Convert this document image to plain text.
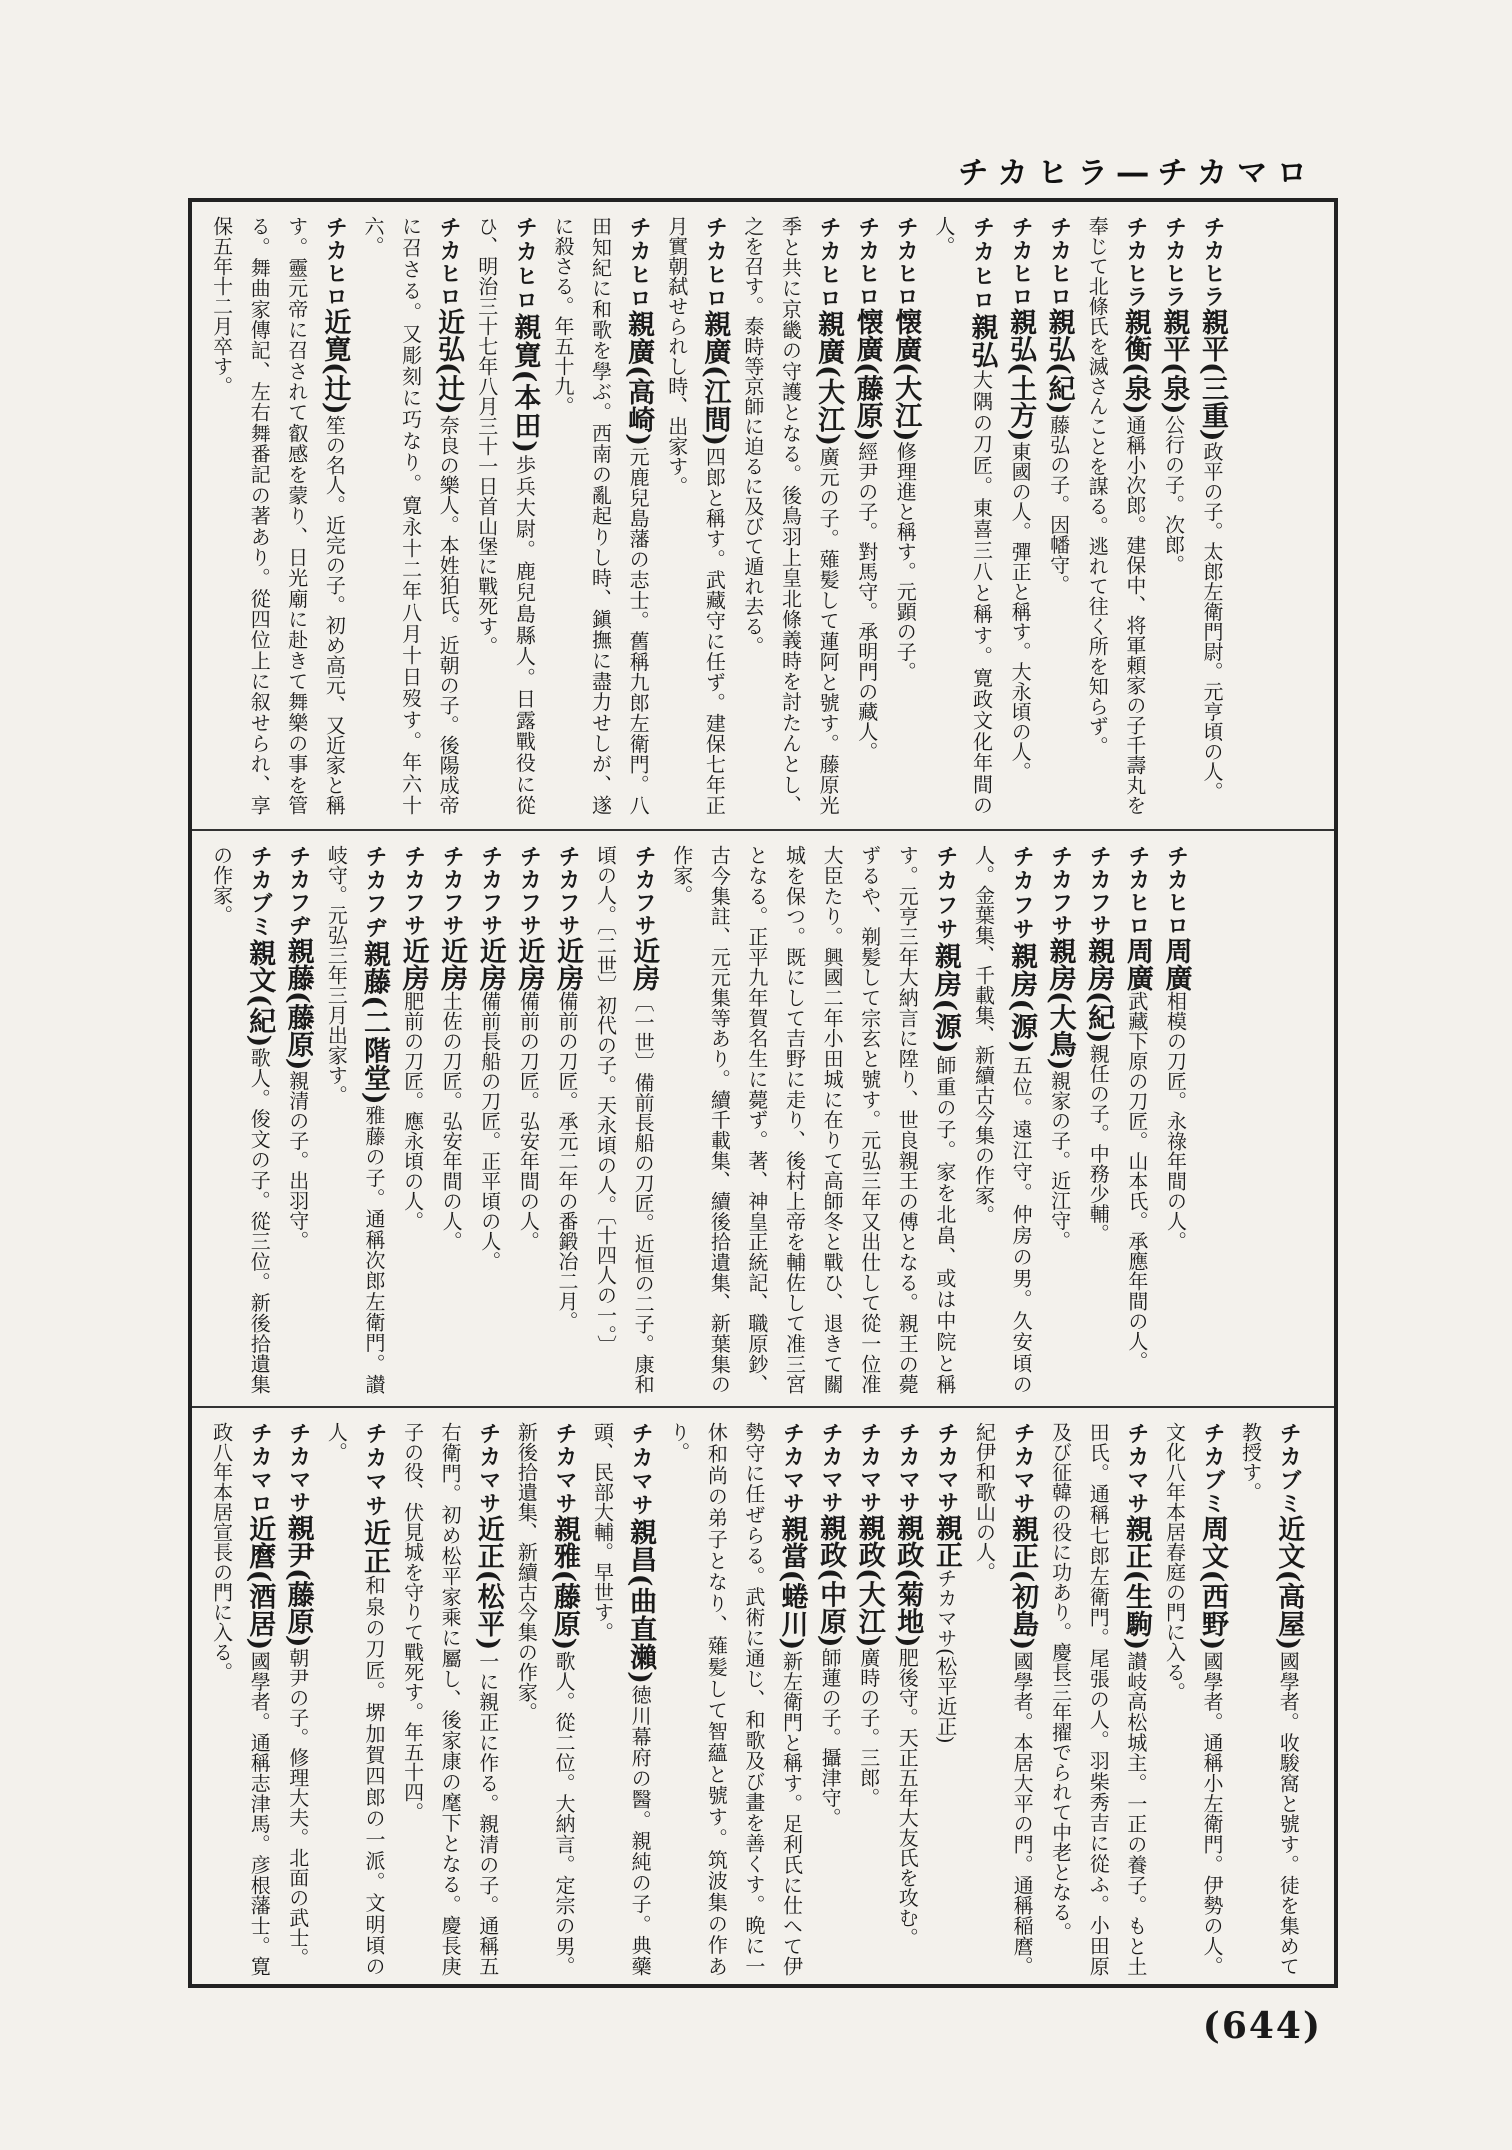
チカヒラ―チカマロ

チカヒラ親平(三重)政平の子。太郎左衛門尉。元亨頃の人。

チカヒラ親平(泉)公行の子。次郎。

チカヒラ親衡(泉)通稱小次郎。建保中、将軍頼家の子千壽丸を奉じて北條氏を滅さんことを謀る。逃れて往く所を知らず。

チカヒロ親弘(紀)藤弘の子。因幡守。

チカヒロ親弘(土方)東國の人。彈正と稱す。大永頃の人。

チカヒロ親弘大隅の刀匠。東喜三八と稱す。寛政文化年間の人。

チカヒロ懐廣(大江)修理進と稱す。元顕の子。

チカヒロ懐廣(藤原)經尹の子。對馬守。承明門の藏人。

チカヒロ親廣(大江)廣元の子。薙髪して蓮阿と號す。藤原光季と共に京畿の守護となる。後鳥羽上皇北條義時を討たんとし、之を召す。泰時等京師に迫るに及びて遁れ去る。

チカヒロ親廣(江間)四郎と稱す。武藏守に任ず。建保七年正月實朝弑せられし時、出家す。

チカヒロ親廣(高崎)元鹿兒島藩の志士。舊稱九郎左衛門。八田知紀に和歌を學ぶ。西南の亂起りし時、鎭撫に盡力せしが、遂に殺さる。年五十九。

チカヒロ親寛(本田)歩兵大尉。鹿兒島縣人。日露戰役に從ひ、明治三十七年八月三十一日首山堡に戰死す。

チカヒロ近弘(辻)奈良の樂人。本姓狛氏。近朝の子。後陽成帝に召さる。又彫刻に巧なり。寛永十二年八月十日歿す。年六十六。

チカヒロ近寛(辻)笙の名人。近完の子。初め高元、又近家と稱す。靈元帝に召されて叡感を蒙り、日光廟に赴きて舞樂の事を管る。舞曲家傳記、左右舞番記の著あり。從四位上に叙せられ、享保五年十二月卒す。

チカヒロ周廣相模の刀匠。永祿年間の人。

チカヒロ周廣武藏下原の刀匠。山本氏。承應年間の人。

チカフサ親房(紀)親任の子。中務少輔。

チカフサ親房(大鳥)親家の子。近江守。

チカフサ親房(源)五位。遠江守。仲房の男。久安頃の人。金葉集、千載集、新續古今集の作家。

チカフサ親房(源)師重の子。家を北畠、或は中院と稱す。元亨三年大納言に陞り、世良親王の傅となる。親王の薨ずるや、剃髪して宗玄と號す。元弘三年又出仕して從一位准大臣たり。興國二年小田城に在りて高師冬と戰ひ、退きて關城を保つ。既にして吉野に走り、後村上帝を輔佐して准三宮となる。正平九年賀名生に薨ず。著、神皇正統記、職原鈔、古今集註、元元集等あり。續千載集、續後拾遺集、新葉集の作家。

チカフサ近房〔一世〕備前長船の刀匠。近恒の二子。康和頃の人。〔二世〕初代の子。天永頃の人。〔十四人の一。〕

チカフサ近房備前の刀匠。承元二年の番鍛冶二月。

チカフサ近房備前の刀匠。弘安年間の人。

チカフサ近房備前長船の刀匠。正平頃の人。

チカフサ近房土佐の刀匠。弘安年間の人。

チカフサ近房肥前の刀匠。應永頃の人。

チカフヂ親藤(二階堂)雅藤の子。通稱次郎左衛門。讃岐守。元弘三年三月出家す。

チカフヂ親藤(藤原)親清の子。出羽守。

チカブミ親文(紀)歌人。俊文の子。從三位。新後拾遺集の作家。

チカブミ近文(高屋)國學者。收駿窩と號す。徒を集めて教授す。

チカブミ周文(西野)國學者。通稱小左衛門。伊勢の人。文化八年本居春庭の門に入る。

チカマサ親正(生駒)讃岐高松城主。一正の養子。もと土田氏。通稱七郎左衛門。尾張の人。羽柴秀吉に從ふ。小田原及び征韓の役に功あり。慶長三年擢でられて中老となる。

チカマサ親正(初島)國學者。本居大平の門。通稱稲麿。紀伊和歌山の人。

チカマサ親正チカマサ(松平近正)

チカマサ親政(菊地)肥後守。天正五年大友氏を攻む。

チカマサ親政(大江)廣時の子。三郎。

チカマサ親政(中原)師蓮の子。攝津守。

チカマサ親當(蜷川)新左衛門と稱す。足利氏に仕へて伊勢守に任ぜらる。武術に通じ、和歌及び畫を善くす。晩に一休和尚の弟子となり、薙髪して智蘊と號す。筑波集の作あり。

チカマサ親昌(曲直瀨)徳川幕府の醫。親純の子。典藥頭、民部大輔。早世す。

チカマサ親雅(藤原)歌人。從二位。大納言。定宗の男。新後拾遺集、新續古今集の作家。

チカマサ近正(松平)一に親正に作る。親清の子。通稱五右衛門。初め松平家乘に屬し、後家康の麾下となる。慶長庚子の役、伏見城を守りて戰死す。年五十四。

チカマサ近正和泉の刀匠。堺加賀四郎の一派。文明頃の人。

チカマサ親尹(藤原)朝尹の子。修理大夫。北面の武士。

チカマロ近麿(酒居)國學者。通稱志津馬。彦根藩士。寛政八年本居宣長の門に入る。

(644)
